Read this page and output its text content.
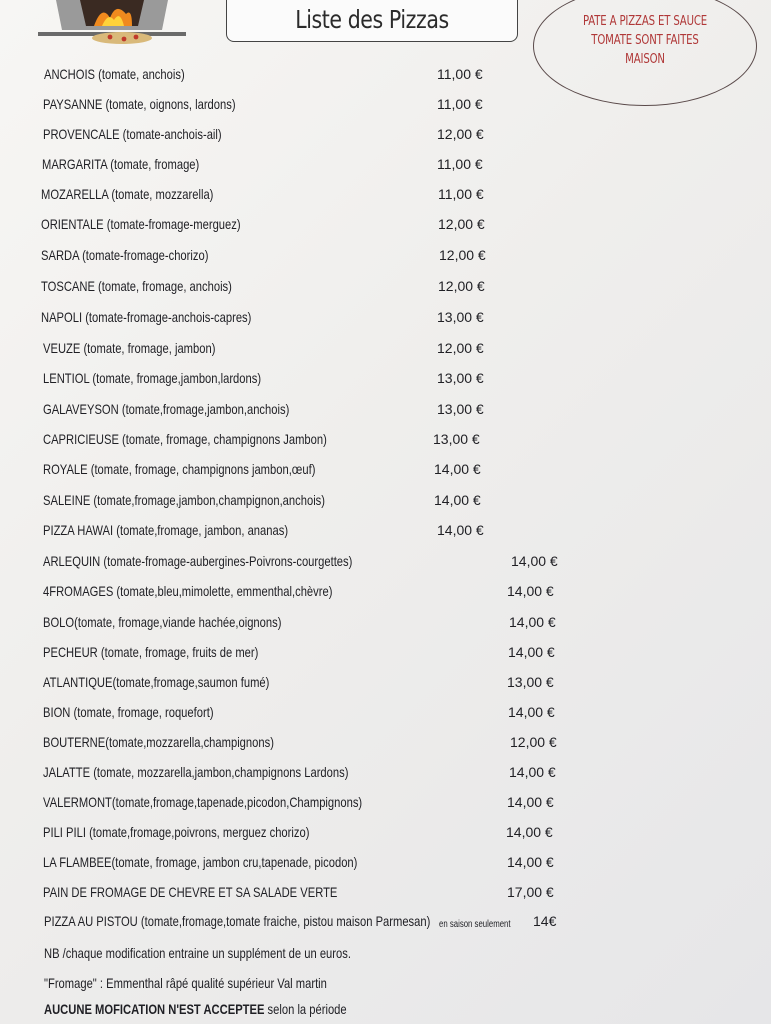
Liste des Pizzas	PATE A PIZZAS ET SAUCE
TOMATE SONT FAITES
MAISON
ANCHOIS (tomate, anchois)	11,00 €
PAYSANNE (tomate, oignons, lardons)	11,00 €
PROVENCALE (tomate-anchois-ail)	12,00 €
MARGARITA (tomate, fromage)	11,00 €
MOZARELLA (tomate, mozzarella)	11,00 €
ORIENTALE (tomate-fromage-merguez)	12,00 €
SARDA (tomate-fromage-chorizo)	12,00 €
TOSCANE (tomate, fromage, anchois)	12,00 €
NAPOLI (tomate-fromage-anchois-capres)	13,00 €
VEUZE (tomate, fromage, jambon)	12,00 €
LENTIOL (tomate, fromage,jambon,lardons)	13,00 €
GALAVEYSON (tomate,fromage,jambon,anchois)	13,00 €
CAPRICIEUSE (tomate, fromage, champignons Jambon)	13,00 €
ROYALE (tomate, fromage, champignons jambon,œuf)	14,00 €
SALEINE (tomate,fromage,jambon,champignon,anchois)	14,00 €
PIZZA HAWAI (tomate,fromage, jambon, ananas)	14,00 €
ARLEQUIN (tomate-fromage-aubergines-Poivrons-courgettes)	14,00 €
4FROMAGES (tomate,bleu,mimolette, emmenthal,chèvre)	14,00 €
BOLO(tomate, fromage,viande hachée,oignons)	14,00 €
PECHEUR (tomate, fromage, fruits de mer)	14,00 €
ATLANTIQUE(tomate,fromage,saumon fumé)	13,00 €
BION (tomate, fromage, roquefort)	14,00 €
BOUTERNE(tomate,mozzarella,champignons)	12,00 €
JALATTE (tomate, mozzarella,jambon,champignons Lardons)	14,00 €
VALERMONT(tomate,fromage,tapenade,picodon,Champignons)	14,00 €
PILI PILI (tomate,fromage,poivrons, merguez chorizo)	14,00 €
LA FLAMBEE(tomate, fromage, jambon cru,tapenade, picodon)	14,00 €
PAIN DE FROMAGE DE CHEVRE ET SA SALADE VERTE	17,00 €
PIZZA AU PISTOU (tomate,fromage,tomate fraiche, pistou maison Parmesan)	14€
en saison seulement
NB /chaque modification entraine un supplément de un euros.
"Fromage" : Emmenthal râpé qualité supérieur Val martin
AUCUNE MOFICATION N'EST ACCEPTEE selon la période
